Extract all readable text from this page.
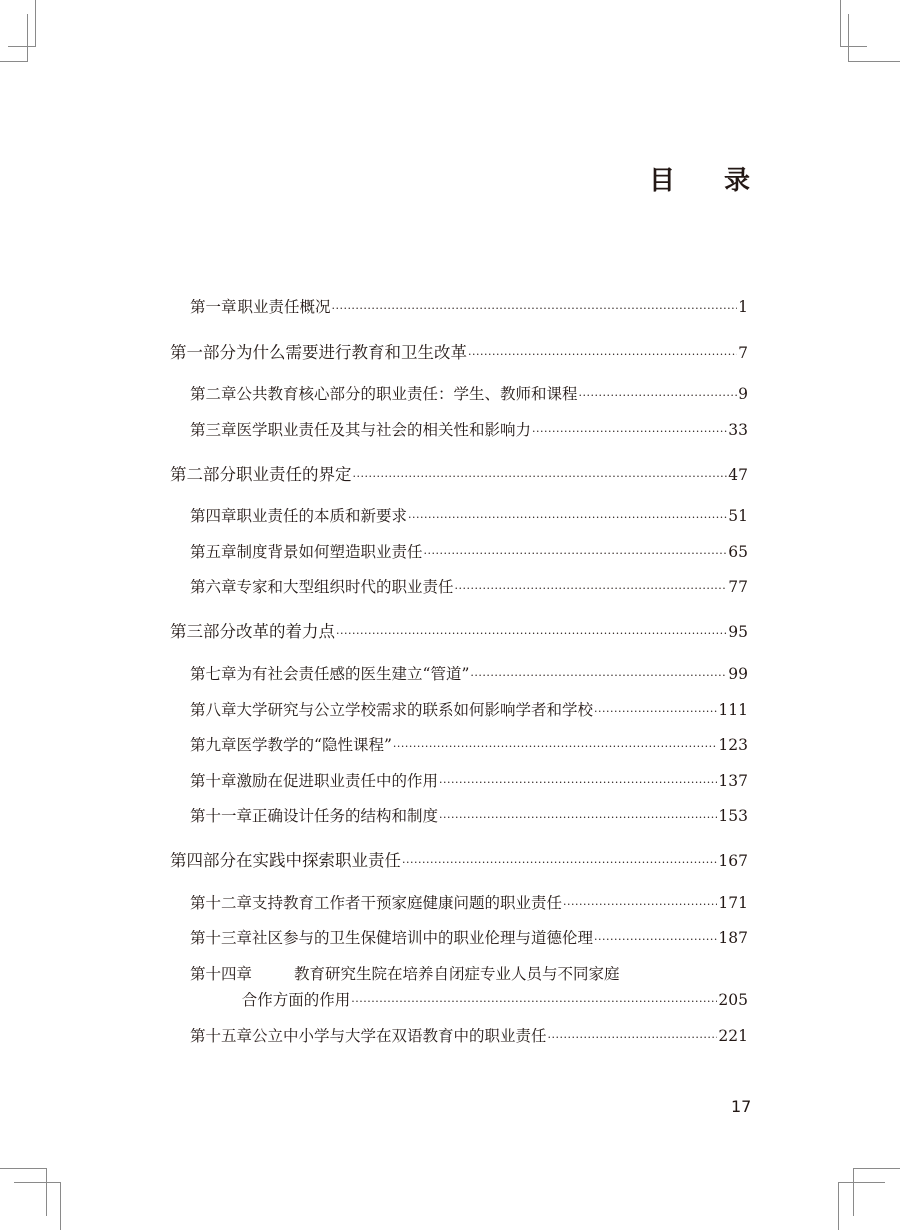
目 录
第一章 职业责任概况 ·····	1
第一部分 为什么需要进行教育和卫生改革 ·····	7
第二章 公共教育核心部分的职业责任：学生、教师和课程 ·····	9
第三章 医学职业责任及其与社会的相关性和影响力 ·····	33
第二部分 职业责任的界定 ·····	47
第四章 职业责任的本质和新要求 ·····	51
第五章 制度背景如何塑造职业责任 ·····	65
第六章 专家和大型组织时代的职业责任 ·····	77
第三部分 改革的着力点 ·····	95
第七章 为有社会责任感的医生建立“管道” ·····	99
第八章 大学研究与公立学校需求的联系如何影响学者和学校 ·····	111
第九章 医学教学的“隐性课程” ·····	123
第十章 激励在促进职业责任中的作用 ·····	137
第十一章 正确设计任务的结构和制度 ·····	153
第四部分 在实践中探索职业责任 ·····	167
第十二章 支持教育工作者干预家庭健康问题的职业责任 ·····	171
第十三章 社区参与的卫生保健培训中的职业伦理与道德伦理 ·····	187
第十四章	教育研究生院在培养自闭症专业人员与不同家庭
合作方面的作用 ·····	205
第十五章 公立中小学与大学在双语教育中的职业责任 ·····	221
17
